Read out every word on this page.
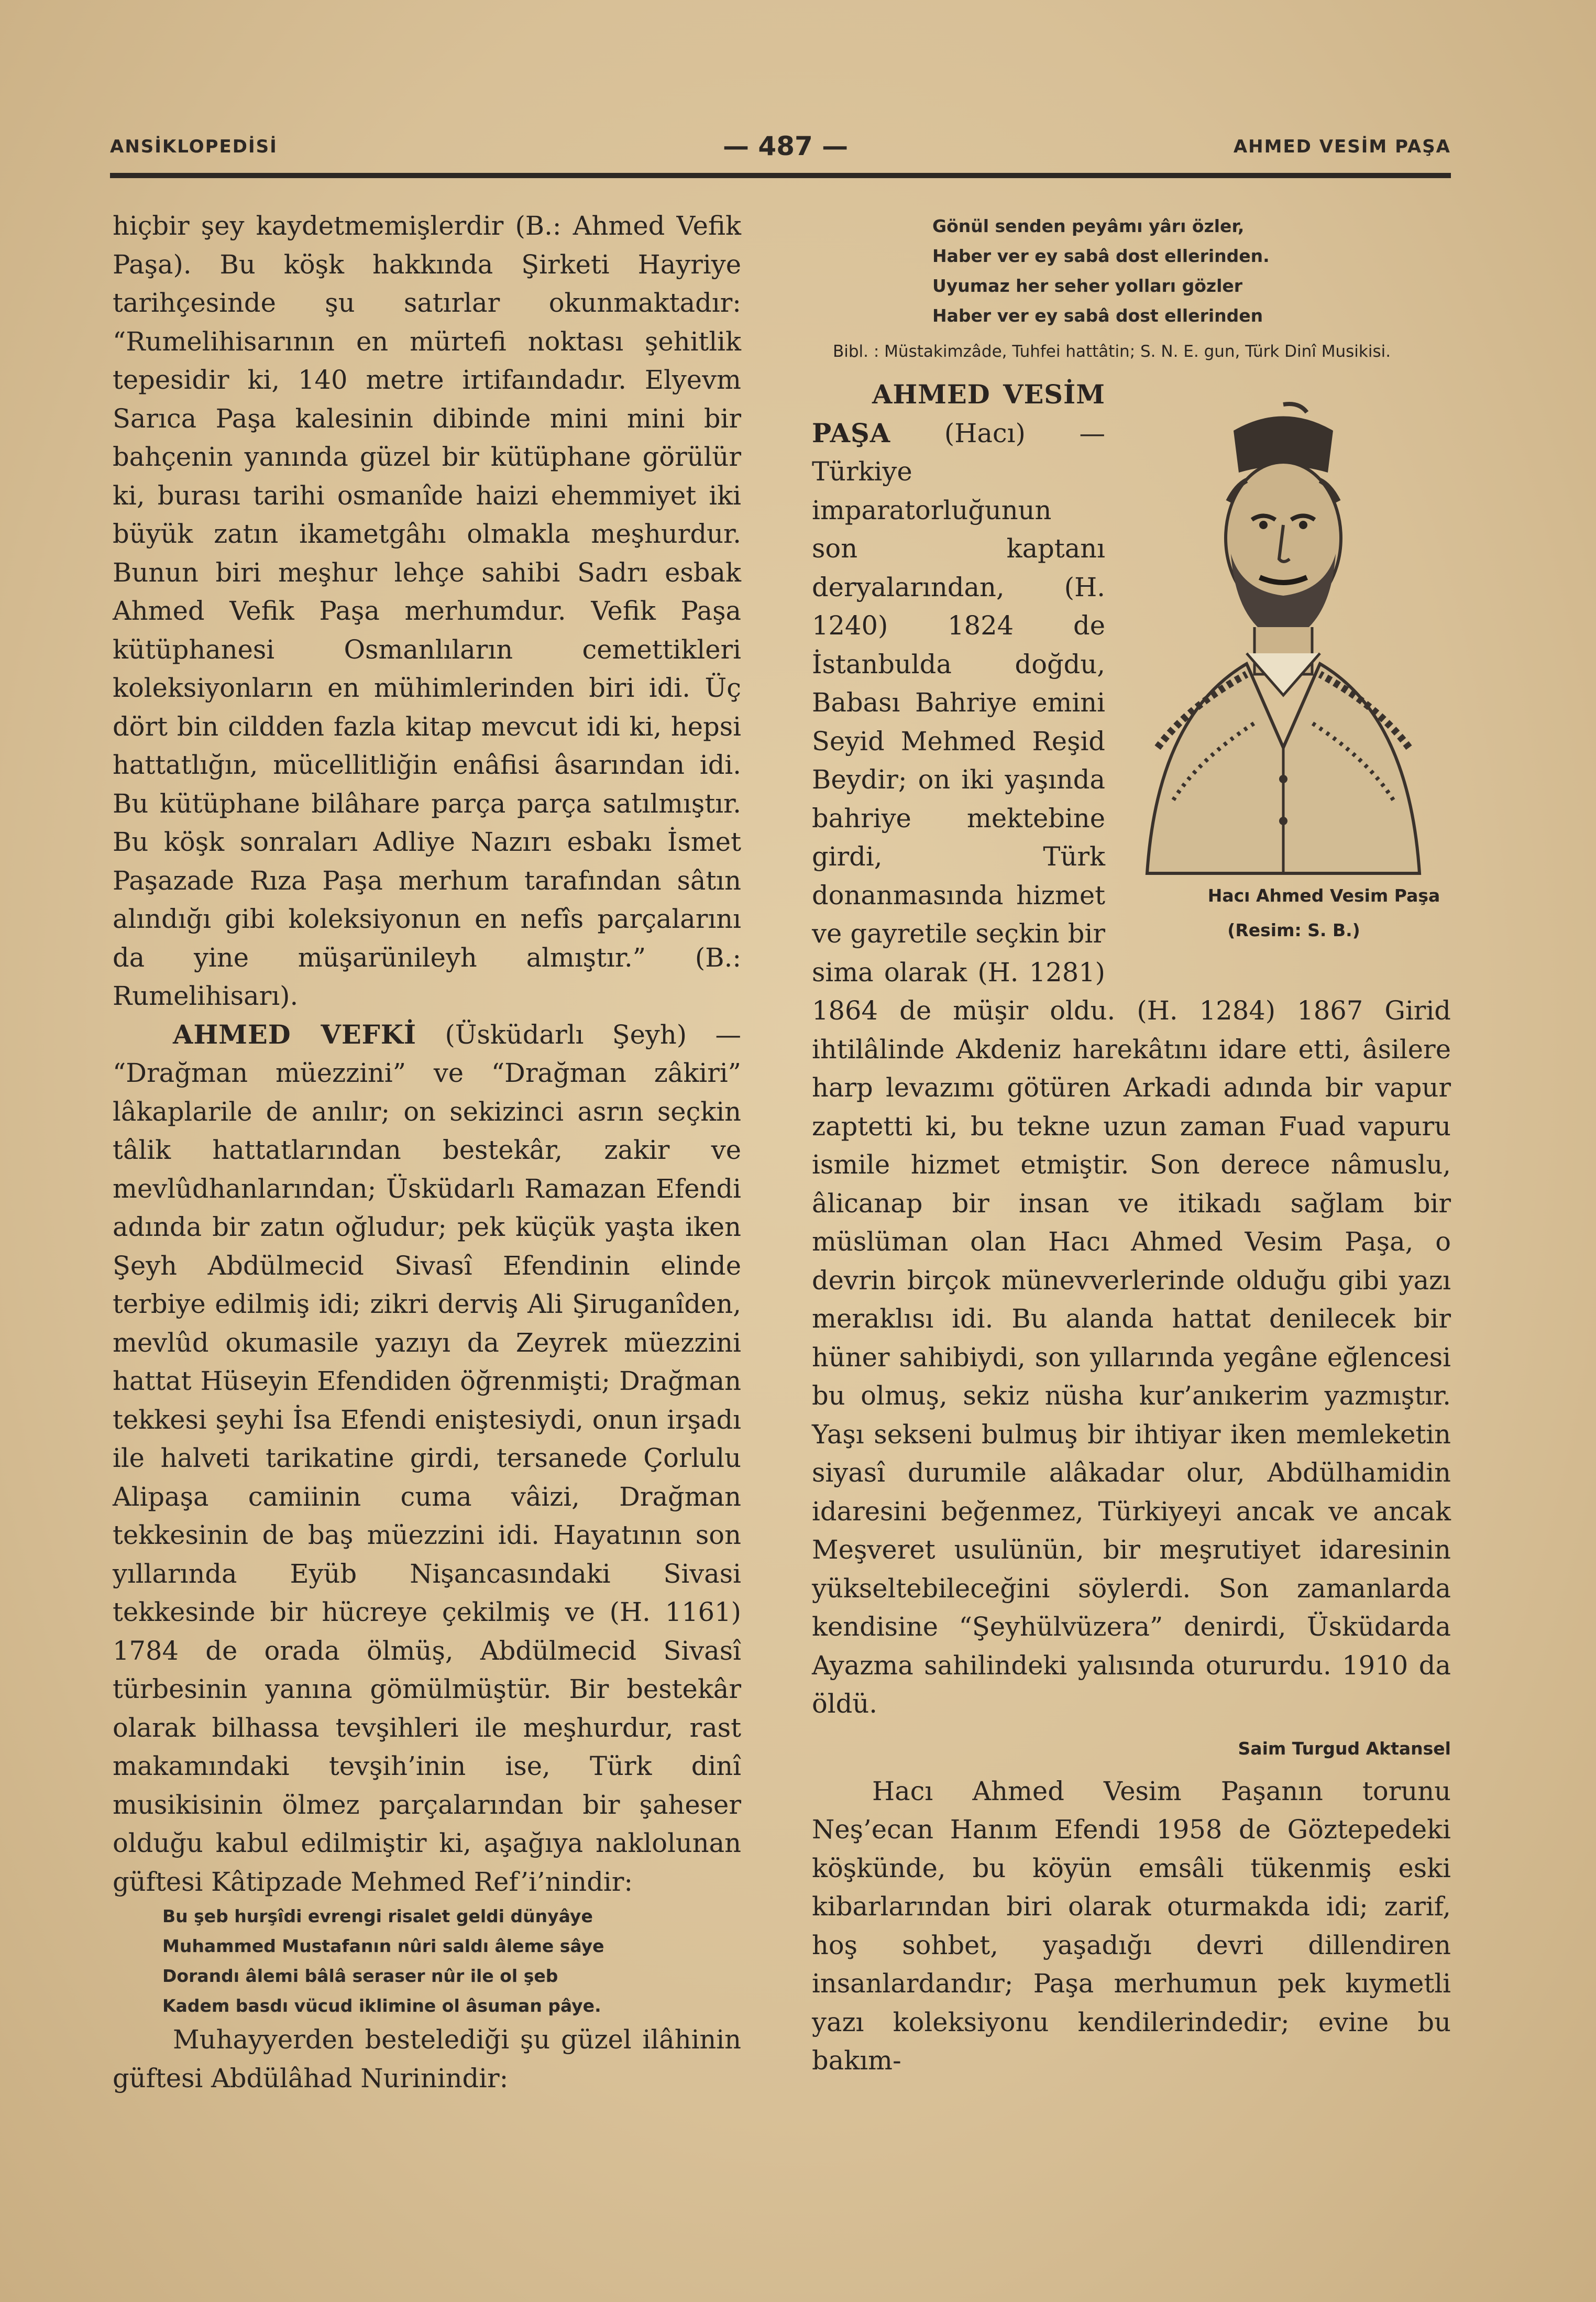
ANSİKLOPEDİSİ	— 487 —	AHMED VESİM PAŞA

hiçbir şey kaydetmemişlerdir (B.: Ahmed Vefik Paşa). Bu köşk hakkında Şirketi Hayriye tarihçesinde şu satırlar okunmaktadır: “Rumelihisarının en mürtefi noktası şehitlik tepesidir ki, 140 metre irtifaındadır. Elyevm Sarıca Paşa kalesinin dibinde mini mini bir bahçenin yanında güzel bir kütüphane görülür ki, burası tarihi osmanîde haizi ehemmiyet iki büyük zatın ikametgâhı olmakla meşhurdur. Bunun biri meşhur lehçe sahibi Sadrı esbak Ahmed Vefik Paşa merhumdur. Vefik Paşa kütüphanesi Osmanlıların cemettikleri koleksiyonların en mühimlerinden biri idi. Üç dört bin cildden fazla kitap mevcut idi ki, hepsi hattatlığın, mücellitliğin enâfisi âsarından idi. Bu kütüphane bilâhare parça parça satılmıştır. Bu köşk sonraları Adliye Nazırı esbakı İsmet Paşazade Rıza Paşa merhum tarafından sâtın alındığı gibi koleksiyonun en nefîs parçalarını da yine müşarünileyh almıştır.” (B.: Rumelihisarı).

AHMED VEFKİ (Üsküdarlı Şeyh) — “Drağman müezzini” ve “Drağman zâkiri” lâkaplarile de anılır; on sekizinci asrın seçkin tâlik hattatlarından bestekâr, zakir ve mevlûdhanlarından; Üsküdarlı Ramazan Efendi adında bir zatın oğludur; pek küçük yaşta iken Şeyh Abdülmecid Sivasî Efendinin elinde terbiye edilmiş idi; zikri derviş Ali Şiruganîden, mevlûd okumasile yazıyı da Zeyrek müezzini hattat Hüseyin Efendiden öğrenmişti; Drağman tekkesi şeyhi İsa Efendi eniştesiydi, onun irşadı ile halveti tarikatine girdi, tersanede Çorlulu Alipaşa camiinin cuma vâizi, Drağman tekkesinin de baş müezzini idi. Hayatının son yıllarında Eyüb Nişancasındaki Sivasi tekkesinde bir hücreye çekilmiş ve (H. 1161) 1784 de orada ölmüş, Abdülmecid Sivasî türbesinin yanına gömülmüştür. Bir bestekâr olarak bilhassa tevşihleri ile meşhurdur, rast makamındaki tevşih’inin ise, Türk dinî musikisinin ölmez parçalarından bir şaheser olduğu kabul edilmiştir ki, aşağıya naklolunan güftesi Kâtipzade Mehmed Ref’i’nindir:

Bu şeb hurşîdi evrengi risalet geldi dünyâye
Muhammed Mustafanın nûri saldı âleme sâye
Dorandı âlemi bâlâ seraser nûr ile ol şeb
Kadem basdı vücud iklimine ol âsuman pâye.

Muhayyerden bestelediği şu güzel ilâhinin güftesi Abdülâhad Nurinindir:

Gönül senden peyâmı yârı özler,
Haber ver ey sabâ dost ellerinden.
Uyumaz her seher yolları gözler
Haber ver ey sabâ dost ellerinden

Bibl. : Müstakimzâde, Tuhfei hattâtin; S. N. E. gun, Türk Dinî Musikisi.

Hacı Ahmed Vesim Paşa
(Resim: S. B.)
AHMED VESİM PAŞA (Hacı) — Türkiye imparatorluğunun son kaptanı deryalarından, (H. 1240) 1824 de İstanbulda doğdu, Babası Bahriye emini Seyid Mehmed Reşid Beydir; on iki yaşında bahriye mektebine girdi, Türk donanmasında hizmet ve gayretile seçkin bir sima olarak (H. 1281) 1864 de müşir oldu. (H. 1284) 1867 Girid ihtilâlinde Akdeniz harekâtını idare etti, âsilere harp levazımı götüren Arkadi adında bir vapur zaptetti ki, bu tekne uzun zaman Fuad vapuru ismile hizmet etmiştir. Son derece nâmuslu, âlicanap bir insan ve itikadı sağlam bir müslüman olan Hacı Ahmed Vesim Paşa, o devrin birçok münevverlerinde olduğu gibi yazı meraklısı idi. Bu alanda hattat denilecek bir hüner sahibiydi, son yıllarında yegâne eğlencesi bu olmuş, sekiz nüsha kur’anıkerim yazmıştır. Yaşı sekseni bulmuş bir ihtiyar iken memleketin siyasî durumile alâkadar olur, Abdülhamidin idaresini beğenmez, Türkiyeyi ancak ve ancak Meşveret usulünün, bir meşrutiyet idaresinin yükseltebileceğini söylerdi. Son zamanlarda kendisine “Şeyhülvüzera” denirdi, Üsküdarda Ayazma sahilindeki yalısında otururdu. 1910 da öldü.

Saim Turgud Aktansel

Hacı Ahmed Vesim Paşanın torunu Neş’ecan Hanım Efendi 1958 de Göztepedeki köşkünde, bu köyün emsâli tükenmiş eski kibarlarından biri olarak oturmakda idi; zarif, hoş sohbet, yaşadığı devri dillendiren insanlardandır; Paşa merhumun pek kıymetli yazı koleksiyonu kendilerindedir; evine bu bakım-
